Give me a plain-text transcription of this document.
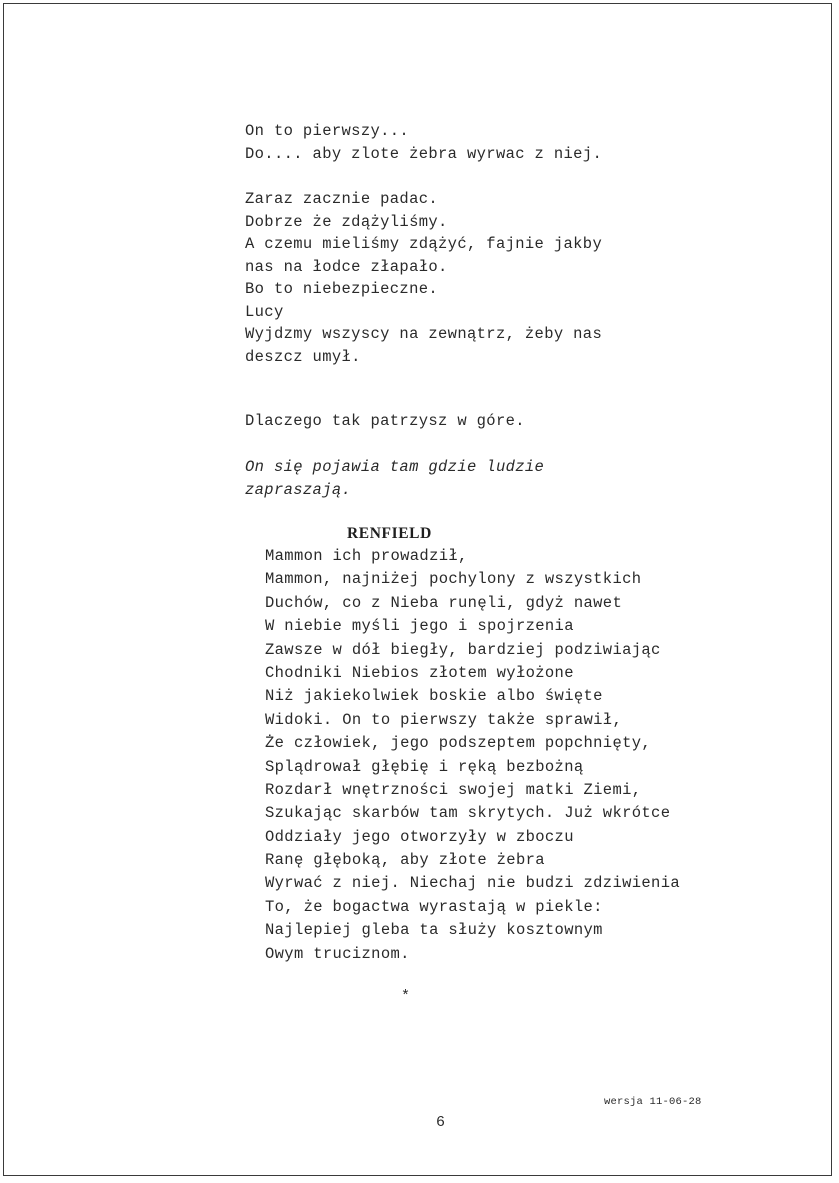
On to pierwszy...
Do.... aby zlote żebra wyrwac z niej.
Zaraz zacznie padac.
Dobrze że zdążyliśmy.
A czemu mieliśmy zdążyć, fajnie jakby
nas na łodce złapało.
Bo to niebezpieczne.
Lucy
Wyjdzmy wszyscy na zewnątrz, żeby nas
deszcz umył.
Dlaczego tak patrzysz w góre.
On się pojawia tam gdzie ludzie
zapraszają.
RENFIELD
Mammon ich prowadził,
Mammon, najniżej pochylony z wszystkich
Duchów, co z Nieba runęli, gdyż nawet
W niebie myśli jego i spojrzenia
Zawsze w dół biegły, bardziej podziwiając
Chodniki Niebios złotem wyłożone
Niż jakiekolwiek boskie albo święte
Widoki. On to pierwszy także sprawił,
Że człowiek, jego podszeptem popchnięty,
Splądrował głębię i ręką bezbożną
Rozdarł wnętrzności swojej matki Ziemi,
Szukając skarbów tam skrytych. Już wkrótce
Oddziały jego otworzyły w zboczu
Ranę głęboką, aby złote żebra
Wyrwać z niej. Niechaj nie budzi zdziwienia
To, że bogactwa wyrastają w piekle:
Najlepiej gleba ta służy kosztownym
Owym truciznom.
*
wersja 11-06-28
6
